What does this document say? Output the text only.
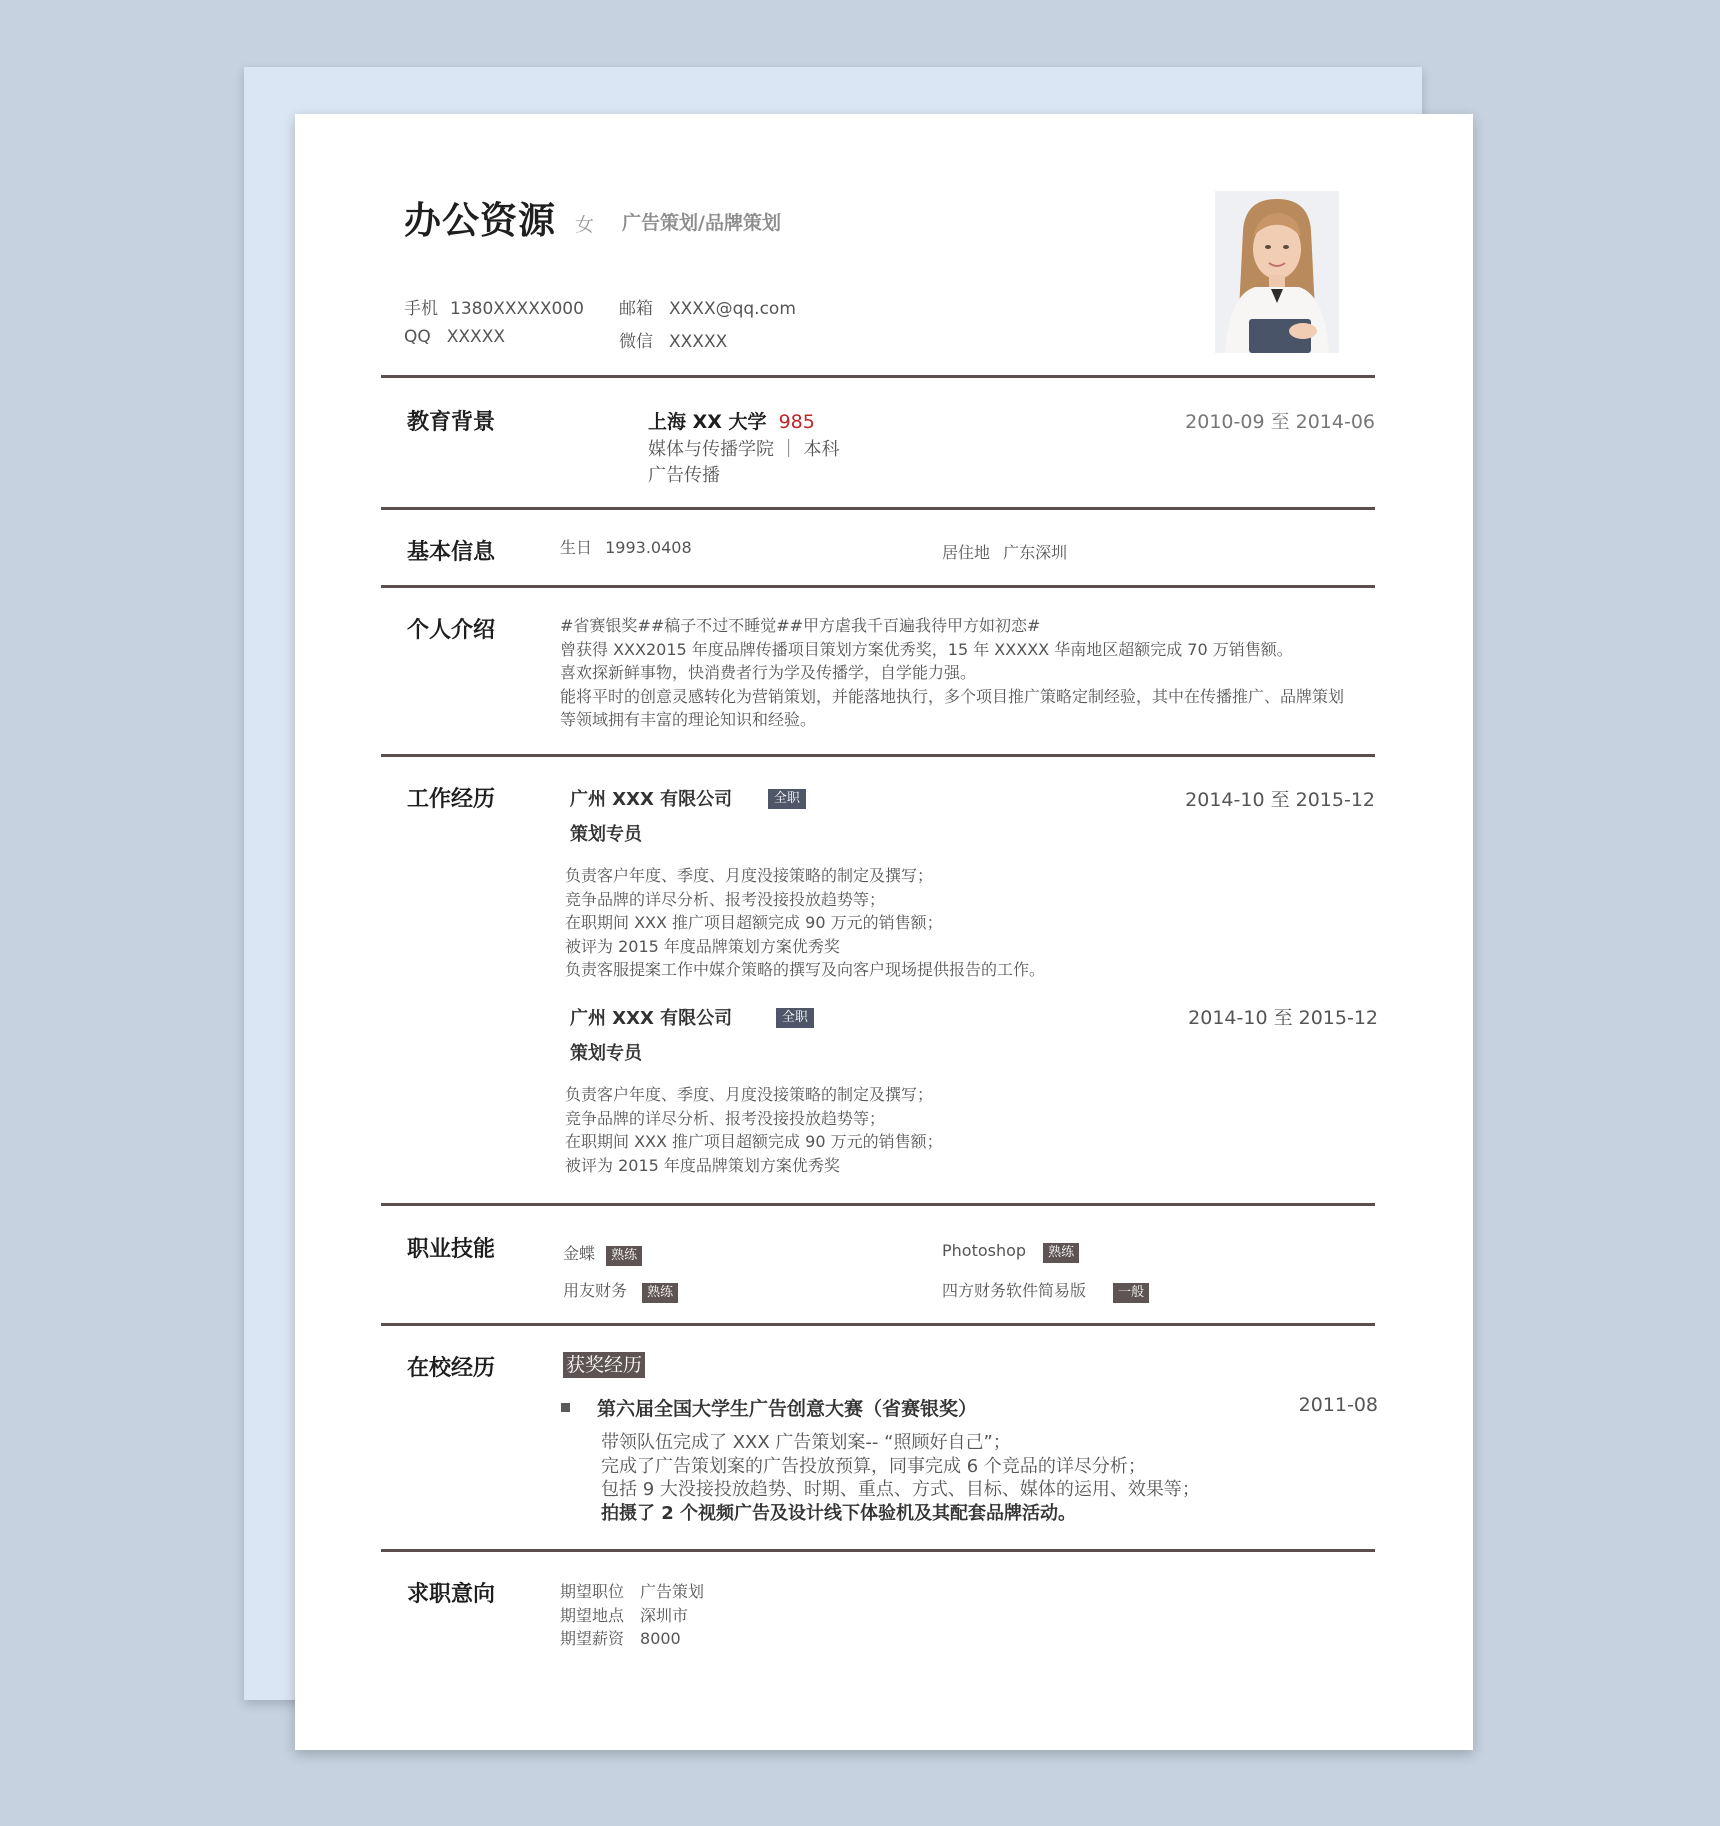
办公资源 女 广告策划/品牌策划
手机 1380XXXXX000 邮箱 XXXX@qq.com
QQ XXXXX	微信 XXXXX
教育背景	上海 XX 大学 985
媒体与传播学院 ｜ 本科
广告传播
2010-09 至 2014-06
基本信息	生日 1993.0408	居住地 广东深圳
个人介绍	#省赛银奖##稿子不过不睡觉##甲方虐我千百遍我待甲方如初恋#
曾获得 XXX2015 年度品牌传播项目策划方案优秀奖，15 年 XXXXX 华南地区超额完成 70 万销售额。
喜欢探新鲜事物，快消费者行为学及传播学，自学能力强。
能将平时的创意灵感转化为营销策划，并能落地执行，多个项目推广策略定制经验，其中在传播推广、品牌策划
等领域拥有丰富的理论知识和经验。
工作经历	广州 XXX 有限公司	全职	2014-10 至 2015-12
策划专员
负责客户年度、季度、月度没接策略的制定及撰写；
竞争品牌的详尽分析、报考没接投放趋势等；
在职期间 XXX 推广项目超额完成 90 万元的销售额；
被评为 2015 年度品牌策划方案优秀奖
负责客服提案工作中媒介策略的撰写及向客户现场提供报告的工作。
广州 XXX 有限公司	全职	2014-10 至 2015-12
策划专员
负责客户年度、季度、月度没接策略的制定及撰写；
竞争品牌的详尽分析、报考没接投放趋势等；
在职期间 XXX 推广项目超额完成 90 万元的销售额；
被评为 2015 年度品牌策划方案优秀奖
职业技能	金蝶 熟练	Photoshop 熟练
用友财务 熟练	四方财务软件简易版 一般
在校经历	获奖经历
第六届全国大学生广告创意大赛（省赛银奖）	2011-08
带领队伍完成了 XXX 广告策划案-- “照顾好自己”；
完成了广告策划案的广告投放预算，同事完成 6 个竞品的详尽分析；
包括 9 大没接投放趋势、时期、重点、方式、目标、媒体的运用、效果等；
拍摄了 2 个视频广告及设计线下体验机及其配套品牌活动。
求职意向	期望职位 广告策划
期望地点 深圳市
期望薪资 8000
